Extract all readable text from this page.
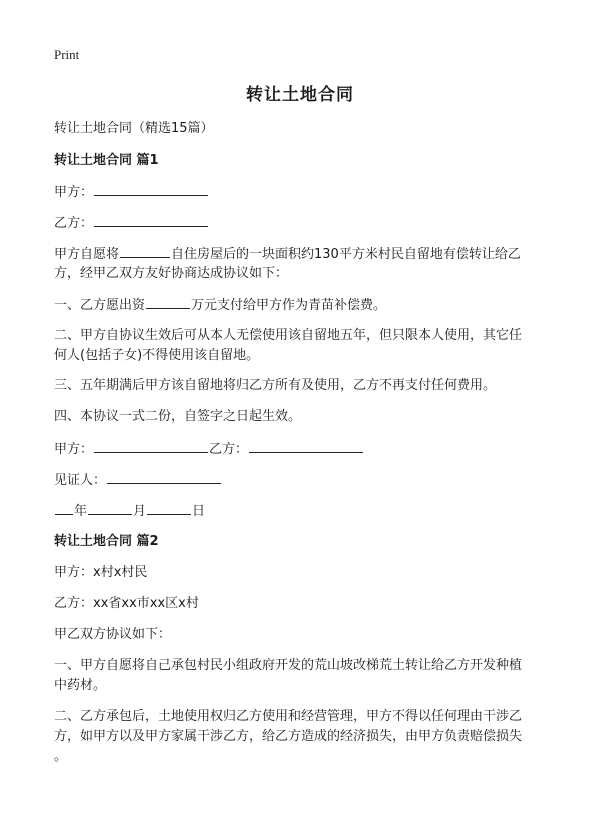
Print
转让土地合同
转让土地合同（精选15篇）
转让土地合同 篇1
甲方：
乙方：
甲方自愿将	自住房屋后的一块面积约130平方米村民自留地有偿转让给乙
方，经甲乙双方友好协商达成协议如下：
一、乙方愿出资	万元支付给甲方作为青苗补偿费。
二、甲方自协议生效后可从本人无偿使用该自留地五年，但只限本人使用，其它任
何人(包括子女)不得使用该自留地。
三、五年期满后甲方该自留地将归乙方所有及使用，乙方不再支付任何费用。
四、本协议一式二份，自签字之日起生效。
甲方：	乙方：
见证人：
年	月	日
转让土地合同 篇2
甲方：x村x村民
乙方：xx省xx市xx区x村
甲乙双方协议如下：
一、甲方自愿将自己承包村民小组政府开发的荒山坡改梯荒土转让给乙方开发种植
中药材。
二、乙方承包后，土地使用权归乙方使用和经营管理，甲方不得以任何理由干涉乙
方，如甲方以及甲方家属干涉乙方，给乙方造成的经济损失，由甲方负责赔偿损失
。
